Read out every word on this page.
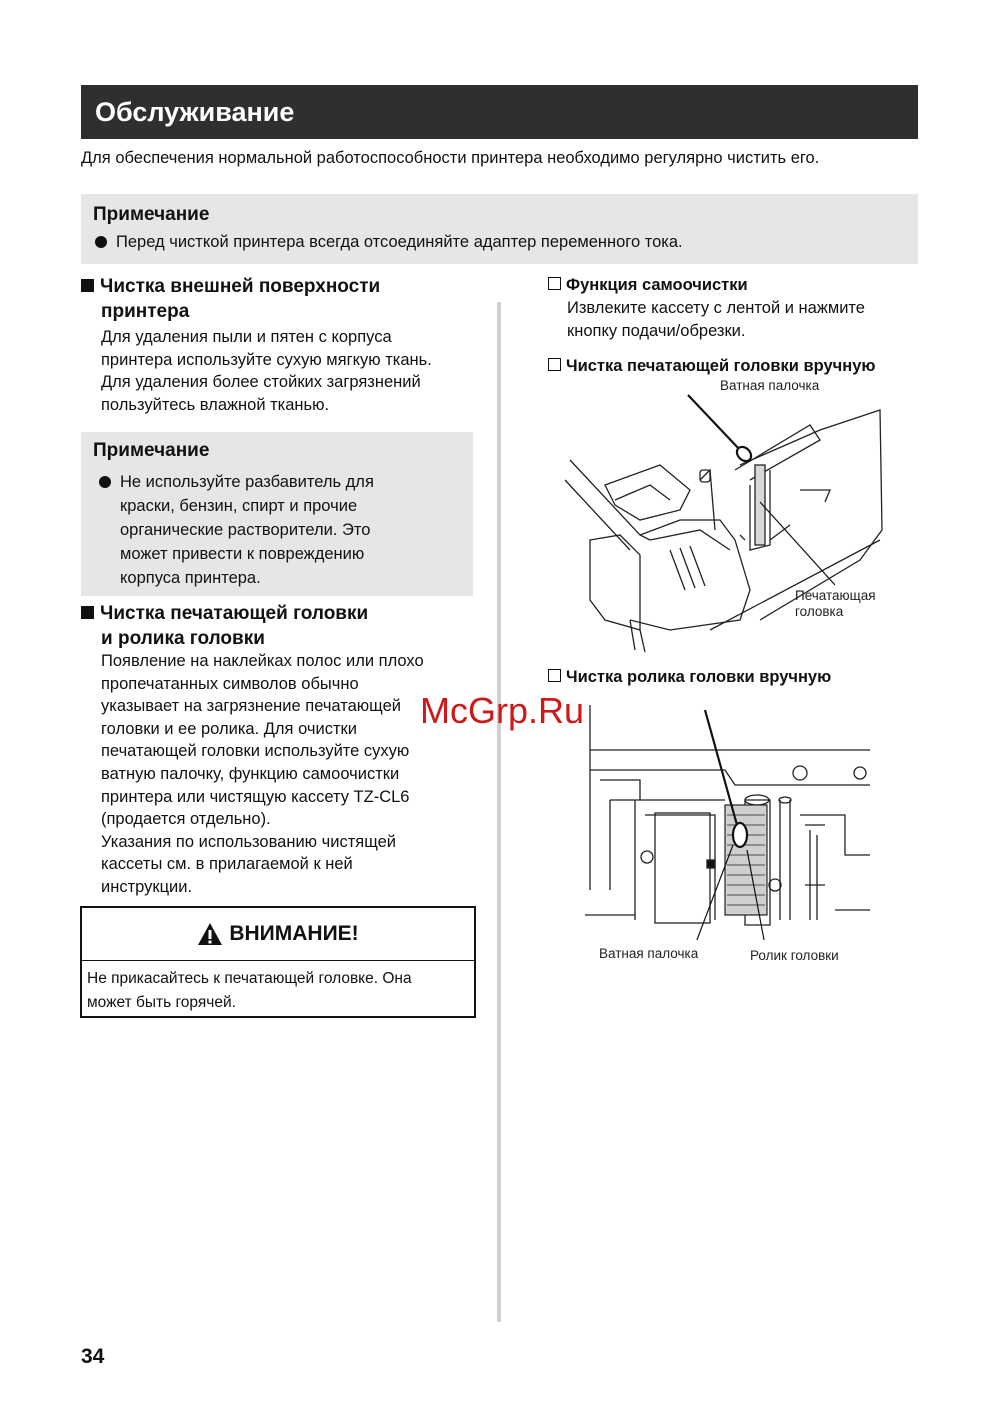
Обслуживание
Для обеспечения нормальной работоспособности принтера необходимо регулярно чистить его.
Примечание
Перед чисткой принтера всегда отсоединяйте адаптер переменного тока.
Чистка внешней поверхности
принтера
Для удаления пыли и пятен с корпуса
принтера используйте сухую мягкую ткань.
Для удаления более стойких загрязнений
пользуйтесь влажной тканью.
Примечание
Не используйте разбавитель для
краски, бензин, спирт и прочие
органические растворители. Это
может привести к повреждению
корпуса принтера.
Чистка печатающей головки
и ролика головки
Появление на наклейках полос или плохо
пропечатанных символов обычно
указывает на загрязнение печатающей
головки и ее ролика. Для очистки
печатающей головки используйте сухую
ватную палочку, функцию самоочистки
принтера или чистящую кассету TZ-CL6
(продается отдельно).
Указания по использованию чистящей
кассеты см. в прилагаемой к ней
инструкции.
ВНИМАНИЕ!
Не прикасайтесь к печатающей головке. Она
может быть горячей.
Функция самоочистки
Извлеките кассету с лентой и нажмите
кнопку подачи/обрезки.
Чистка печатающей головки вручную
Ватная палочка
Печатающая
головка
Чистка ролика головки вручную
Ватная палочка	Ролик головки
McGrp.Ru
34
